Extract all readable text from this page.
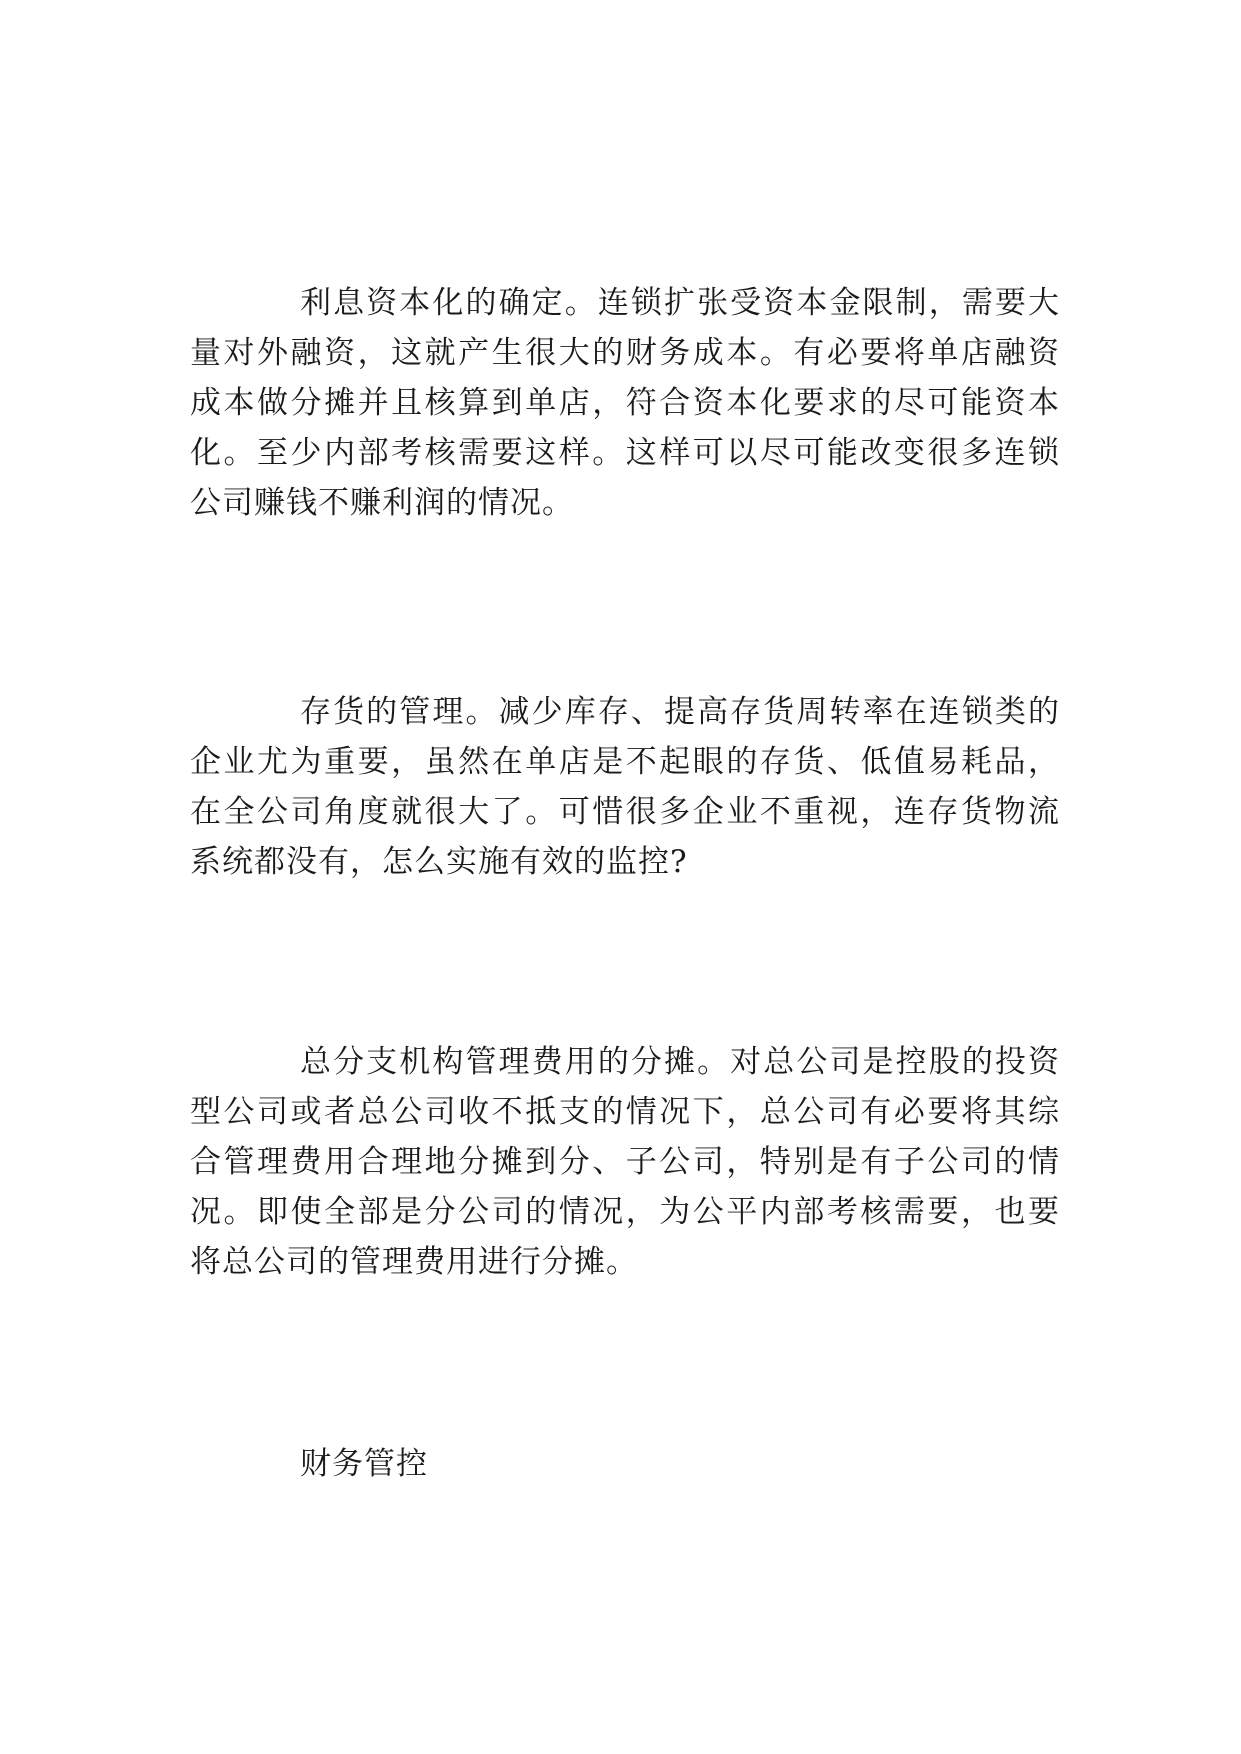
利息资本化的确定。连锁扩张受资本金限制，需要大
量对外融资，这就产生很大的财务成本。有必要将单店融资
成本做分摊并且核算到单店，符合资本化要求的尽可能资本
化。至少内部考核需要这样。这样可以尽可能改变很多连锁
公司赚钱不赚利润的情况。
存货的管理。减少库存、提高存货周转率在连锁类的
企业尤为重要，虽然在单店是不起眼的存货、低值易耗品，
在全公司角度就很大了。可惜很多企业不重视，连存货物流
系统都没有，怎么实施有效的监控?
总分支机构管理费用的分摊。对总公司是控股的投资
型公司或者总公司收不抵支的情况下，总公司有必要将其综
合管理费用合理地分摊到分、子公司，特别是有子公司的情
况。即使全部是分公司的情况，为公平内部考核需要，也要
将总公司的管理费用进行分摊。
财务管控
